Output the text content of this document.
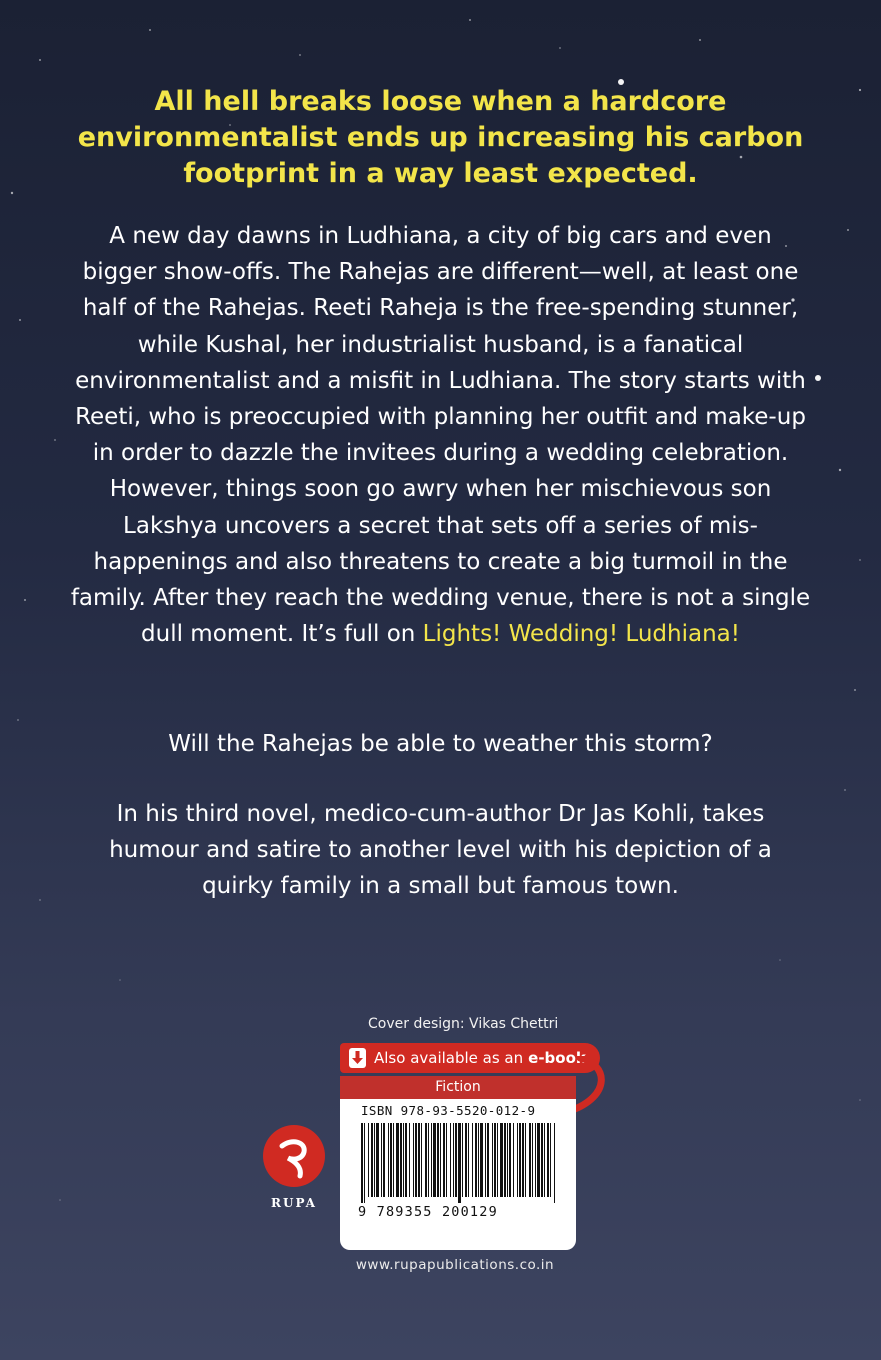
All hell breaks loose when a hardcore environmentalist ends up increasing his carbon footprint in a way least expected.
A new day dawns in Ludhiana, a city of big cars and even bigger show-offs. The Rahejas are different—well, at least one half of the Rahejas. Reeti Raheja is the free-spending stunner, while Kushal, her industrialist husband, is a fanatical environmentalist and a misfit in Ludhiana. The story starts with Reeti, who is preoccupied with planning her outfit and make-up in order to dazzle the invitees during a wedding celebration. However, things soon go awry when her mischievous son Lakshya uncovers a secret that sets off a series of mis-happenings and also threatens to create a big turmoil in the family. After they reach the wedding venue, there is not a single dull moment. It’s full on Lights! Wedding! Ludhiana!
Will the Rahejas be able to weather this storm?
In his third novel, medico-cum-author Dr Jas Kohli, takes humour and satire to another level with his depiction of a quirky family in a small but famous town.
Cover design: Vikas Chettri
Also available as an e-book
Fiction
ISBN 978-93-5520-012-9
9 789355 200129
RUPA
www.rupapublications.co.in
